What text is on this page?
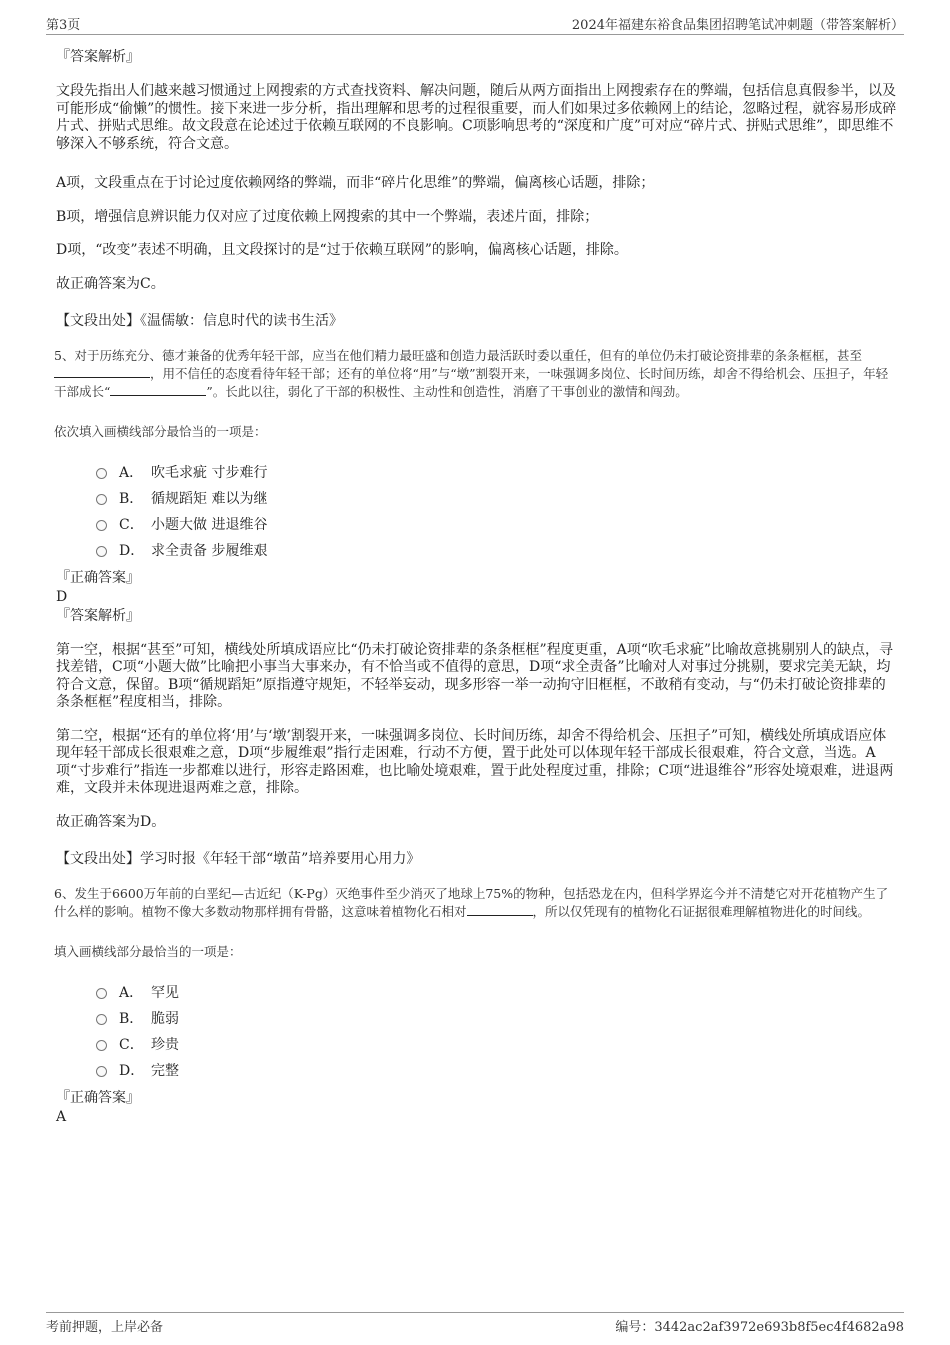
第3页	2024年福建东裕食品集团招聘笔试冲刺题（带答案解析）

『答案解析』

文段先指出人们越来越习惯通过上网搜索的方式查找资料、解决问题，随后从两方面指出上网搜索存在的弊端，包括信息真假参半，以及可能形成“偷懒”的惯性。接下来进一步分析，指出理解和思考的过程很重要，而人们如果过多依赖网上的结论，忽略过程，就容易形成碎片式、拼贴式思维。故文段意在论述过于依赖互联网的不良影响。C项影响思考的“深度和广度”可对应“碎片式、拼贴式思维”，即思维不够深入不够系统，符合文意。

A项，文段重点在于讨论过度依赖网络的弊端，而非“碎片化思维”的弊端，偏离核心话题，排除；

B项，增强信息辨识能力仅对应了过度依赖上网搜索的其中一个弊端，表述片面，排除；

D项，“改变”表述不明确，且文段探讨的是“过于依赖互联网”的影响，偏离核心话题，排除。

故正确答案为C。

【文段出处】《温儒敏：信息时代的读书生活》

5、对于历练充分、德才兼备的优秀年轻干部，应当在他们精力最旺盛和创造力最活跃时委以重任，但有的单位仍未打破论资排辈的条条框框，甚至，用不信任的态度看待年轻干部；还有的单位将“用”与“墩”割裂开来，一味强调多岗位、长时间历练，却舍不得给机会、压担子，年轻干部成长“	”。长此以往，弱化了干部的积极性、主动性和创造性，消磨了干事创业的激情和闯劲。

依次填入画横线部分最恰当的一项是：

A． 吹毛求疵 寸步难行
B． 循规蹈矩 难以为继
C． 小题大做 进退维谷
D． 求全责备 步履维艰

『正确答案』

D

『答案解析』

第一空，根据“甚至”可知，横线处所填成语应比“仍未打破论资排辈的条条框框”程度更重，A项“吹毛求疵”比喻故意挑剔别人的缺点，寻找差错，C项“小题大做”比喻把小事当大事来办，有不恰当或不值得的意思，D项“求全责备”比喻对人对事过分挑剔，要求完美无缺，均符合文意，保留。B项“循规蹈矩”原指遵守规矩，不轻举妄动，现多形容一举一动拘守旧框框，不敢稍有变动，与“仍未打破论资排辈的条条框框”程度相当，排除。

第二空，根据“还有的单位将‘用’与‘墩’割裂开来，一味强调多岗位、长时间历练，却舍不得给机会、压担子”可知，横线处所填成语应体现年轻干部成长很艰难之意，D项“步履维艰”指行走困难，行动不方便，置于此处可以体现年轻干部成长很艰难，符合文意，当选。A项“寸步难行”指连一步都难以进行，形容走路困难，也比喻处境艰难，置于此处程度过重，排除；C项“进退维谷”形容处境艰难，进退两难，文段并未体现进退两难之意，排除。

故正确答案为D。

【文段出处】学习时报《年轻干部“墩苗”培养要用心用力》

6、发生于6600万年前的白垩纪—古近纪（K-Pg）灭绝事件至少消灭了地球上75%的物种，包括恐龙在内，但科学界迄今并不清楚它对开花植物产生了什么样的影响。植物不像大多数动物那样拥有骨骼，这意味着植物化石相对	，所以仅凭现有的植物化石证据很难理解植物进化的时间线。

填入画横线部分最恰当的一项是：

A． 罕见
B． 脆弱
C． 珍贵
D． 完整

『正确答案』

A

考前押题，上岸必备	编号：3442ac2af3972e693b8f5ec4f4682a98
